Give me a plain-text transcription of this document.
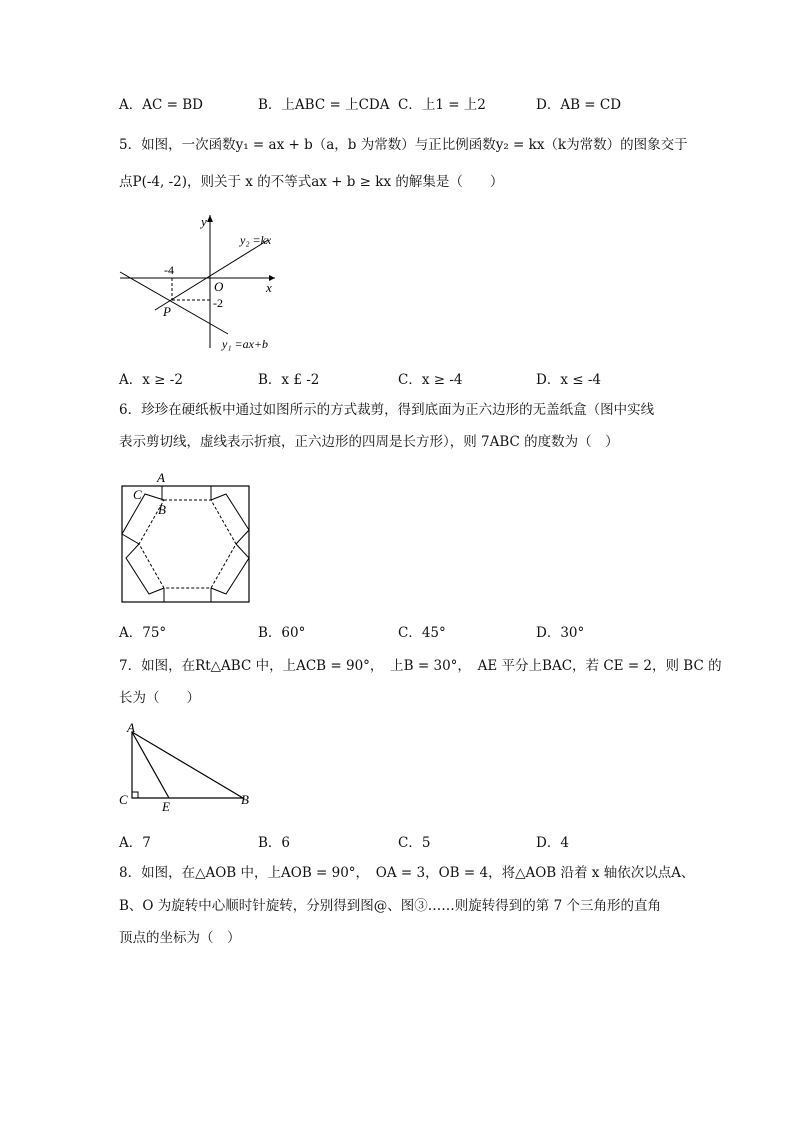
A．AC = BD	B．上ABC = 上CDA C．上1 = 上2	D．AB = CD
5．如图，一次函数y₁ = ax + b（a，b 为常数）与正比例函数y₂ = kx（k为常数）的图象交于
点P(-4, -2)，则关于 x 的不等式ax + b ≥ kx 的解集是（　　）
y
x
O
-4
-2
P
y₂ =kx
y₁ =ax+b
A．x ≥ -2	B．x £ -2	C．x ≥ -4	D．x ≤ -4
6．珍珍在硬纸板中通过如图所示的方式裁剪，得到底面为正六边形的无盖纸盒（图中实线
表示剪切线，虚线表示折痕，正六边形的四周是长方形），则 7ABC 的度数为（　）
A
B
C
A．75°	B．60°	C．45°	D．30°
7．如图，在Rt△ABC 中，上ACB = 90°，　上B = 30°，　AE 平分上BAC，若 CE = 2，则 BC 的
长为（　　）
A
B
C	E
A．7	B．6	C．5	D．4
8．如图，在△AOB 中，上AOB = 90°，　OA = 3，OB = 4，将△AOB 沿着 x 轴依次以点A、
B、O 为旋转中心顺时针旋转，分别得到图@、图③……则旋转得到的第 7 个三角形的直角
顶点的坐标为（　）
